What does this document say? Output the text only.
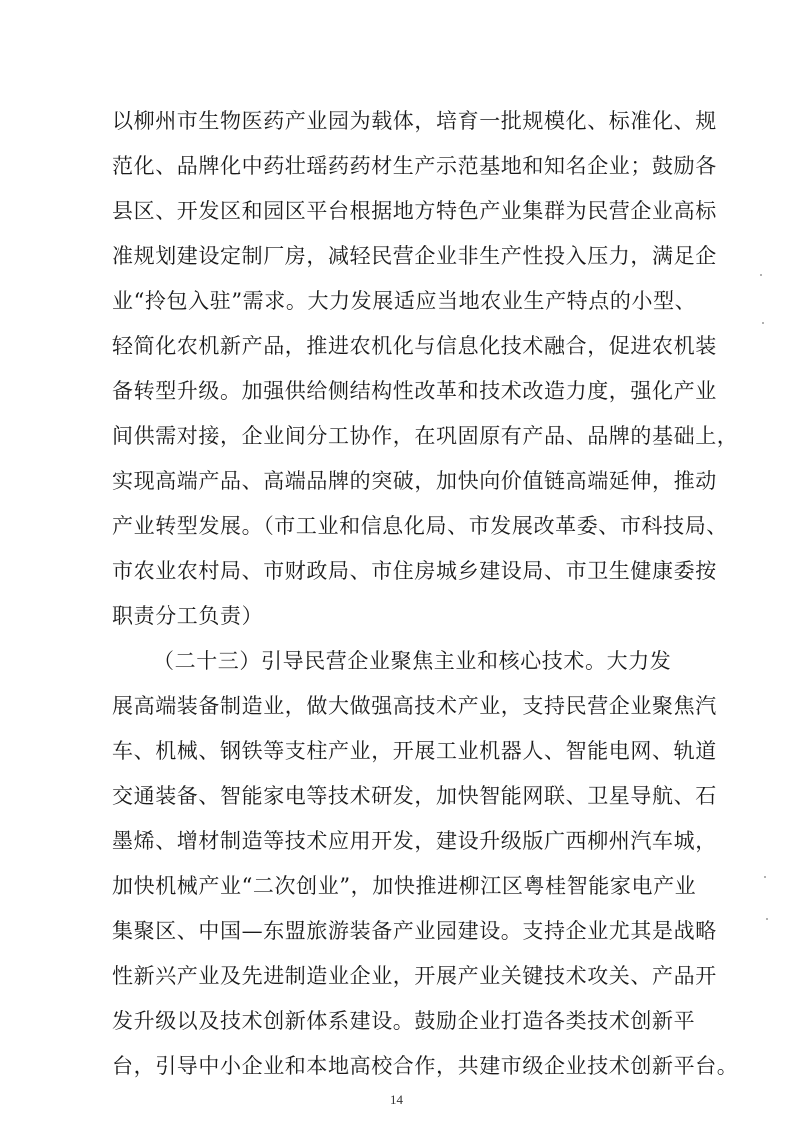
以柳州市生物医药产业园为载体，培育一批规模化、标准化、规
范化、品牌化中药壮瑶药药材生产示范基地和知名企业；鼓励各
县区、开发区和园区平台根据地方特色产业集群为民营企业高标
准规划建设定制厂房，减轻民营企业非生产性投入压力，满足企
业“拎包入驻”需求。大力发展适应当地农业生产特点的小型、
轻简化农机新产品，推进农机化与信息化技术融合，促进农机装
备转型升级。加强供给侧结构性改革和技术改造力度，强化产业
间供需对接，企业间分工协作，在巩固原有产品、品牌的基础上，
实现高端产品、高端品牌的突破，加快向价值链高端延伸，推动
产业转型发展。（市工业和信息化局、市发展改革委、市科技局、
市农业农村局、市财政局、市住房城乡建设局、市卫生健康委按
职责分工负责）
（二十三）引导民营企业聚焦主业和核心技术。大力发
展高端装备制造业，做大做强高技术产业，支持民营企业聚焦汽
车、机械、钢铁等支柱产业，开展工业机器人、智能电网、轨道
交通装备、智能家电等技术研发，加快智能网联、卫星导航、石
墨烯、增材制造等技术应用开发，建设升级版广西柳州汽车城，
加快机械产业“二次创业”，加快推进柳江区粤桂智能家电产业
集聚区、中国—东盟旅游装备产业园建设。支持企业尤其是战略
性新兴产业及先进制造业企业，开展产业关键技术攻关、产品开
发升级以及技术创新体系建设。鼓励企业打造各类技术创新平
台，引导中小企业和本地高校合作，共建市级企业技术创新平台。
14
